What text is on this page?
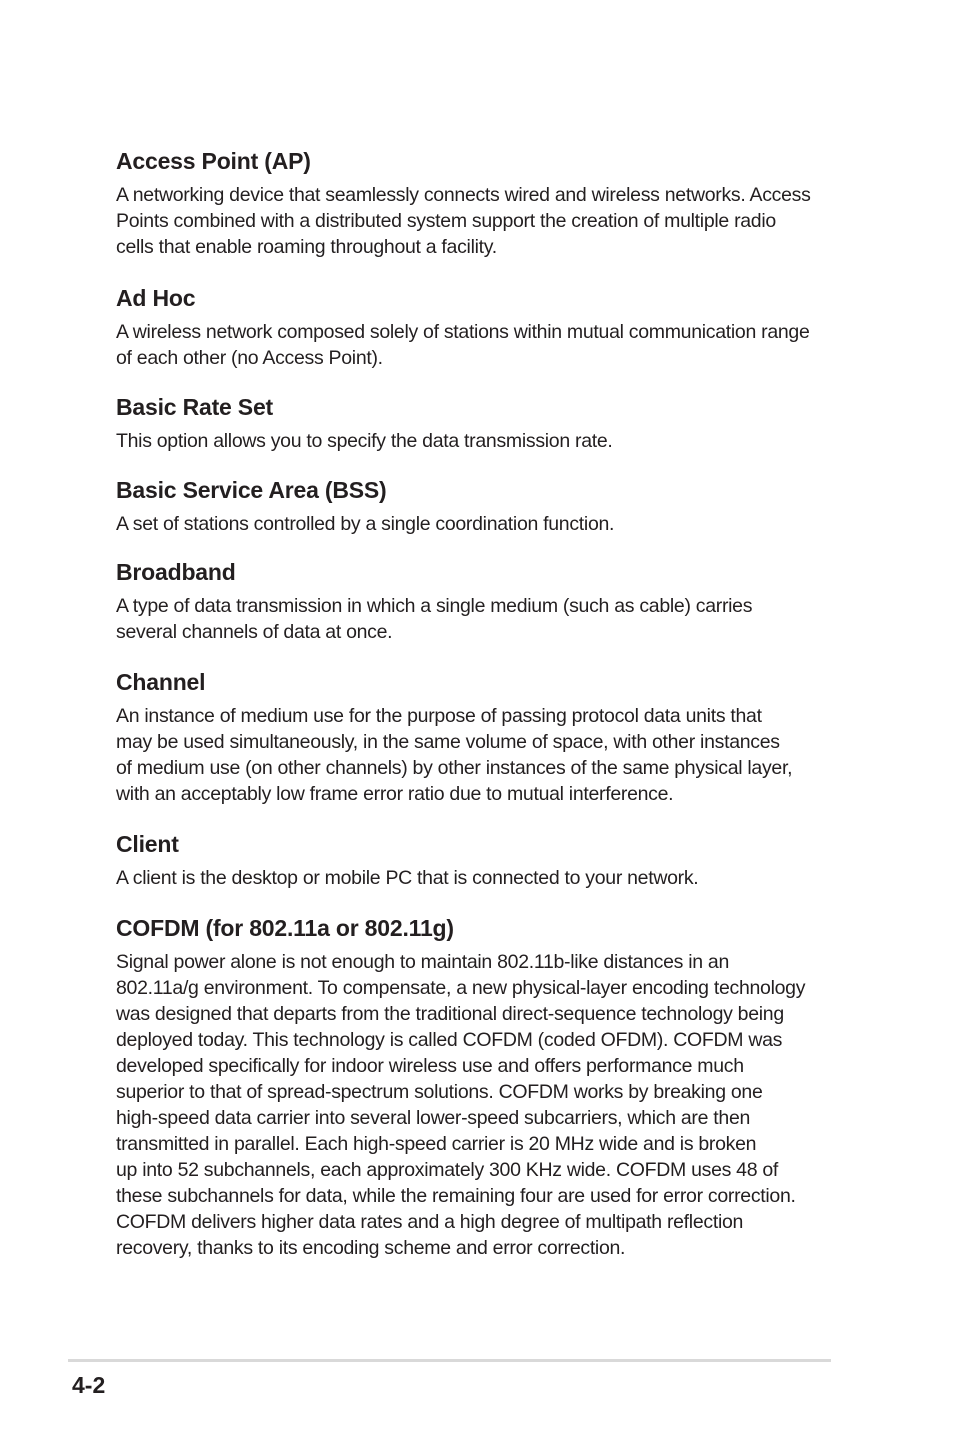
Access Point (AP)

A networking device that seamlessly connects wired and wireless networks. Access
Points combined with a distributed system support the creation of multiple radio
cells that enable roaming throughout a facility.

Ad Hoc

A wireless network composed solely of stations within mutual communication range
of each other (no Access Point).

Basic Rate Set

This option allows you to specify the data transmission rate.

Basic Service Area (BSS)

A set of stations controlled by a single coordination function.

Broadband

A type of data transmission in which a single medium (such as cable) carries
several channels of data at once.

Channel

An instance of medium use for the purpose of passing protocol data units that
may be used simultaneously, in the same volume of space, with other instances
of medium use (on other channels) by other instances of the same physical layer,
with an acceptably low frame error ratio due to mutual interference.

Client

A client is the desktop or mobile PC that is connected to your network.

COFDM (for 802.11a or 802.11g)

Signal power alone is not enough to maintain 802.11b-like distances in an
802.11a/g environment. To compensate, a new physical-layer encoding technology
was designed that departs from the traditional direct-sequence technology being
deployed today. This technology is called COFDM (coded OFDM). COFDM was
developed specifically for indoor wireless use and offers performance much
superior to that of spread-spectrum solutions. COFDM works by breaking one
high-speed data carrier into several lower-speed subcarriers, which are then
transmitted in parallel. Each high-speed carrier is 20 MHz wide and is broken
up into 52 subchannels, each approximately 300 KHz wide. COFDM uses 48 of
these subchannels for data, while the remaining four are used for error correction.
COFDM delivers higher data rates and a high degree of multipath reflection
recovery, thanks to its encoding scheme and error correction.

4-2
